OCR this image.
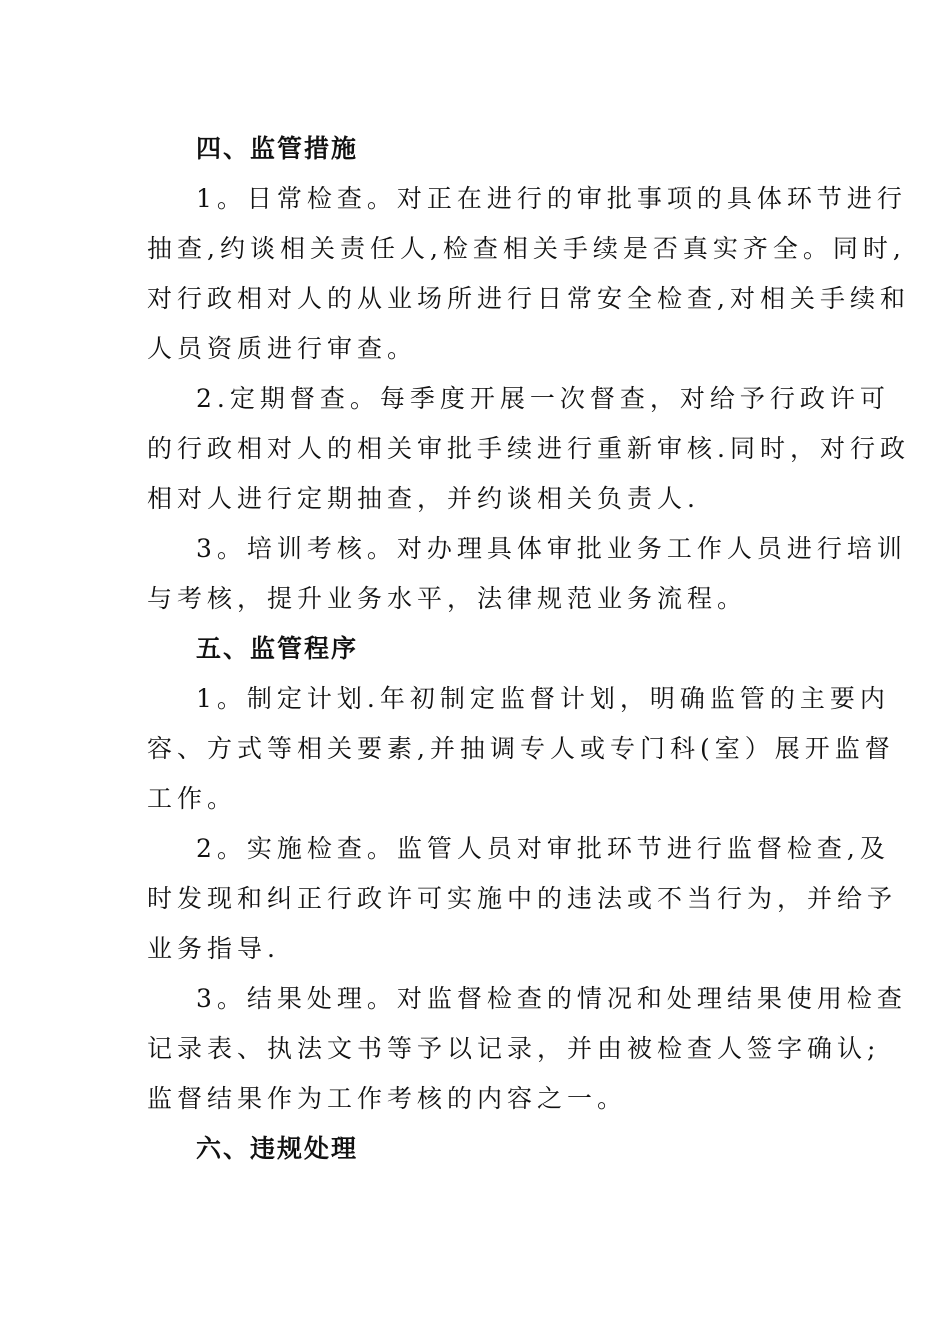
四、监管措施
1。日常检查。对正在进行的审批事项的具体环节进行
抽查,约谈相关责任人,检查相关手续是否真实齐全。同时,
对行政相对人的从业场所进行日常安全检查,对相关手续和
人员资质进行审查。
2.定期督查。每季度开展一次督查，对给予行政许可
的行政相对人的相关审批手续进行重新审核.同时，对行政
相对人进行定期抽查，并约谈相关负责人.
3。培训考核。对办理具体审批业务工作人员进行培训
与考核，提升业务水平，法律规范业务流程。
五、监管程序
1。制定计划.年初制定监督计划，明确监管的主要内
容、方式等相关要素,并抽调专人或专门科(室）展开监督
工作。
2。实施检查。监管人员对审批环节进行监督检查,及
时发现和纠正行政许可实施中的违法或不当行为，并给予
业务指导.
3。结果处理。对监督检查的情况和处理结果使用检查
记录表、执法文书等予以记录，并由被检查人签字确认;
监督结果作为工作考核的内容之一。
六、违规处理
